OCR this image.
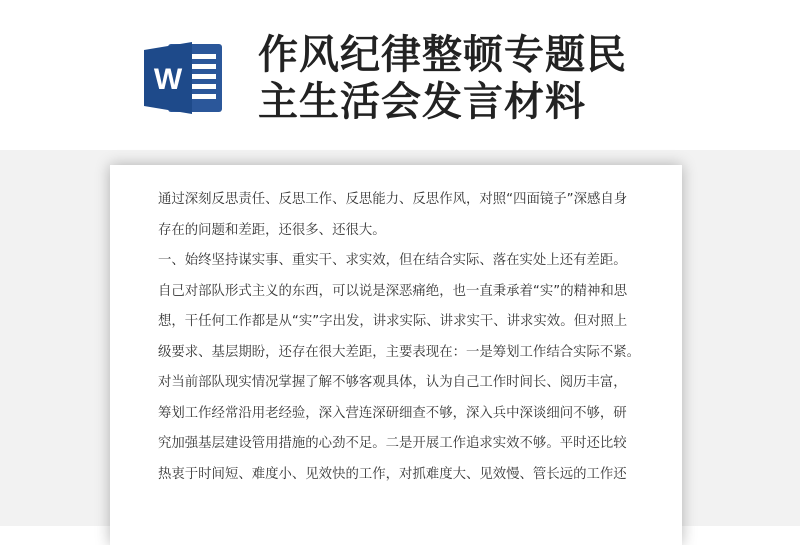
W
作风纪律整顿专题民
主生活会发言材料
通过深刻反思责任、反思工作、反思能力、反思作风，对照“四面镜子”深感自身
存在的问题和差距，还很多、还很大。
一、始终坚持谋实事、重实干、求实效，但在结合实际、落在实处上还有差距。
自己对部队形式主义的东西，可以说是深恶痛绝，也一直秉承着“实”的精神和思
想，干任何工作都是从“实”字出发，讲求实际、讲求实干、讲求实效。但对照上
级要求、基层期盼，还存在很大差距，主要表现在：一是筹划工作结合实际不紧。
对当前部队现实情况掌握了解不够客观具体，认为自己工作时间长、阅历丰富，
筹划工作经常沿用老经验，深入营连深研细查不够，深入兵中深谈细问不够，研
究加强基层建设管用措施的心劲不足。二是开展工作追求实效不够。平时还比较
热衷于时间短、难度小、见效快的工作，对抓难度大、见效慢、管长远的工作还
